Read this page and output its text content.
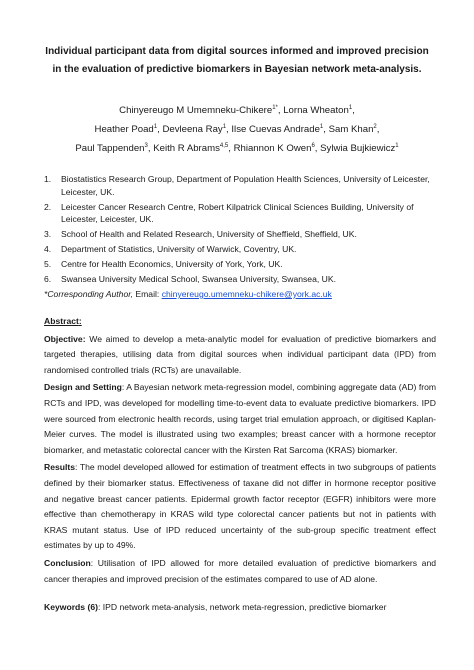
Individual participant data from digital sources informed and improved precision
in the evaluation of predictive biomarkers in Bayesian network meta-analysis.
Chinyereugo M Umemneku-Chikere$^{1*}$, Lorna Wheaton$^1$,
Heather Poad$^1$, Devleena Ray$^1$, Ilse Cuevas Andrade$^1$, Sam Khan$^2$,
Paul Tappenden$^3$, Keith R Abrams$^{4,5}$, Rhiannon K Owen$^6$, Sylwia Bujkiewicz$^1$
1.	Biostatistics Research Group, Department of Population Health Sciences, University of Leicester, Leicester, UK.
2.	Leicester Cancer Research Centre, Robert Kilpatrick Clinical Sciences Building, University of Leicester, Leicester, UK.
3.	School of Health and Related Research, University of Sheffield, Sheffield, UK.
4.	Department of Statistics, University of Warwick, Coventry, UK.
5.	Centre for Health Economics, University of York, York, UK.
6.	Swansea University Medical School, Swansea University, Swansea, UK.
*Corresponding Author, Email: chinyereugo.umemneku-chikere@york.ac.uk
Abstract:
Objective: We aimed to develop a meta-analytic model for evaluation of predictive biomarkers and targeted therapies, utilising data from digital sources when individual participant data (IPD) from randomised controlled trials (RCTs) are unavailable.
Design and Setting: A Bayesian network meta-regression model, combining aggregate data (AD) from RCTs and IPD, was developed for modelling time-to-event data to evaluate predictive biomarkers. IPD were sourced from electronic health records, using target trial emulation approach, or digitised Kaplan-Meier curves. The model is illustrated using two examples; breast cancer with a hormone receptor biomarker, and metastatic colorectal cancer with the Kirsten Rat Sarcoma (KRAS) biomarker.
Results: The model developed allowed for estimation of treatment effects in two subgroups of patients defined by their biomarker status. Effectiveness of taxane did not differ in hormone receptor positive and negative breast cancer patients. Epidermal growth factor receptor (EGFR) inhibitors were more effective than chemotherapy in KRAS wild type colorectal cancer patients but not in patients with KRAS mutant status. Use of IPD reduced uncertainty of the sub-group specific treatment effect estimates by up to 49%.
Conclusion: Utilisation of IPD allowed for more detailed evaluation of predictive biomarkers and cancer therapies and improved precision of the estimates compared to use of AD alone.
Keywords (6): IPD network meta-analysis, network meta-regression, predictive biomarker
